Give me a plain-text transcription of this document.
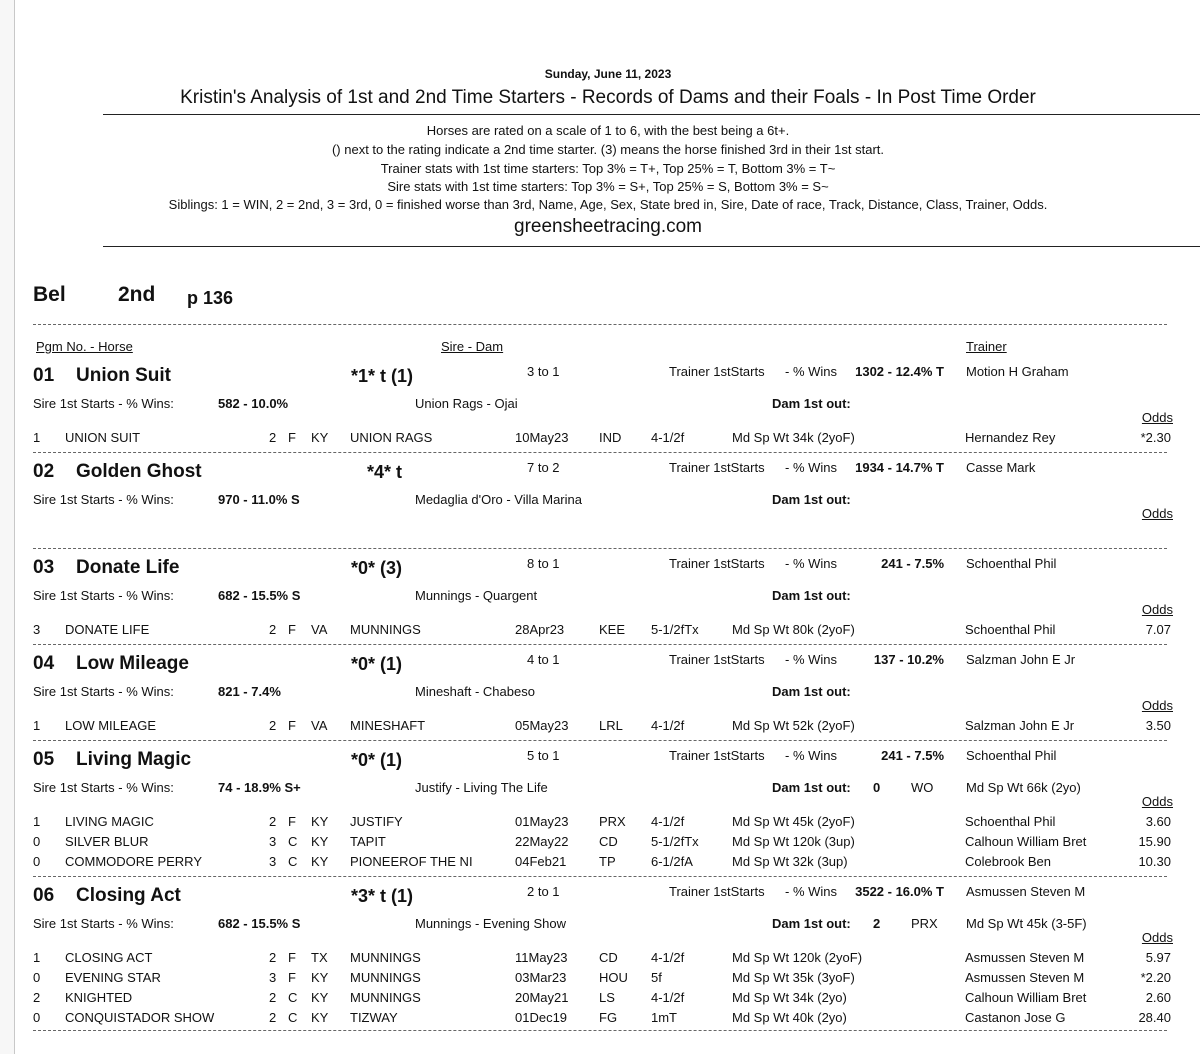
Sunday, June 11, 2023
Kristin's Analysis of 1st and 2nd Time Starters - Records of Dams and their Foals - In Post Time Order
Horses are rated on a scale of 1 to 6, with the best being a 6t+.
() next to the rating indicate a 2nd time starter. (3) means the horse finished 3rd in their 1st start.
Trainer stats with 1st time starters: Top 3% = T+, Top 25% = T, Bottom 3% = T~
Sire stats with 1st time starters: Top 3% = S+, Top 25% = S, Bottom 3% = S~
Siblings: 1 = WIN, 2 = 2nd, 3 = 3rd, 0 = finished worse than 3rd, Name, Age, Sex, State bred in, Sire, Date of race, Track, Distance, Class, Trainer, Odds.
greensheetracing.com
Bel 2nd p 136
Pgm No. - Horse	Sire - Dam	Trainer
01 Union Suit	*1* t (1)	3 to 1	Trainer 1stStarts - % Wins	1302 - 12.4% T Motion H Graham
Sire 1st Starts - % Wins:	582 - 10.0%	Union Rags - Ojai	Dam 1st out:
Odds
1 UNION SUIT	2 F KY UNION RAGS	10May23 IND 4-1/2f	Md Sp Wt 34k (2yoF)	Hernandez Rey	*2.30
02 Golden Ghost	*4* t	7 to 2	Trainer 1stStarts - % Wins	1934 - 14.7% T Casse Mark
Sire 1st Starts - % Wins:	970 - 11.0% S	Medaglia d'Oro - Villa Marina	Dam 1st out:
Odds
03 Donate Life	*0* (3)	8 to 1	Trainer 1stStarts - % Wins	241 - 7.5% Schoenthal Phil
Sire 1st Starts - % Wins:	682 - 15.5% S	Munnings - Quargent	Dam 1st out:
Odds
3 DONATE LIFE	2 F VA MUNNINGS	28Apr23	KEE 5-1/2fTx	Md Sp Wt 80k (2yoF)	Schoenthal Phil	7.07
04 Low Mileage	*0* (1)	4 to 1	Trainer 1stStarts - % Wins	137 - 10.2% Salzman John E Jr
Sire 1st Starts - % Wins:	821 - 7.4%	Mineshaft - Chabeso	Dam 1st out:
Odds
1 LOW MILEAGE	2 F VA MINESHAFT	05May23 LRL 4-1/2f	Md Sp Wt 52k (2yoF)	Salzman John E Jr	3.50
05 Living Magic	*0* (1)	5 to 1	Trainer 1stStarts - % Wins	241 - 7.5% Schoenthal Phil
Sire 1st Starts - % Wins:	74 - 18.9% S+	Justify - Living The Life	Dam 1st out: 0 WO	Md Sp Wt 66k (2yo)
Odds
1 LIVING MAGIC	2 F KY JUSTIFY	01May23 PRX 4-1/2f	Md Sp Wt 45k (2yoF)	Schoenthal Phil	3.60
0 SILVER BLUR	3 C KY TAPIT	22May22 CD	5-1/2fTx	Md Sp Wt 120k (3up)	Calhoun William Bret	15.90
0 COMMODORE PERRY	3 C KY PIONEEROF THE NI	04Feb21	TP	6-1/2fA	Md Sp Wt 32k (3up)	Colebrook Ben	10.30
06 Closing Act	*3* t (1)	2 to 1	Trainer 1stStarts - % Wins	3522 - 16.0% T Asmussen Steven M
Sire 1st Starts - % Wins:	682 - 15.5% S	Munnings - Evening Show	Dam 1st out: 2 PRX Md Sp Wt 45k (3-5F)
Odds
1 CLOSING ACT	2 F TX MUNNINGS	11May23 CD	4-1/2f	Md Sp Wt 120k (2yoF)	Asmussen Steven M	5.97
0 EVENING STAR	3 F KY MUNNINGS	03Mar23	HOU 5f	Md Sp Wt 35k (3yoF)	Asmussen Steven M	*2.20
2 KNIGHTED	2 C KY MUNNINGS	20May21 LS	4-1/2f	Md Sp Wt 34k (2yo)	Calhoun William Bret	2.60
0 CONQUISTADOR SHOW	2 C KY TIZWAY	01Dec19 FG	1mT	Md Sp Wt 40k (2yo)	Castanon Jose G	28.40
